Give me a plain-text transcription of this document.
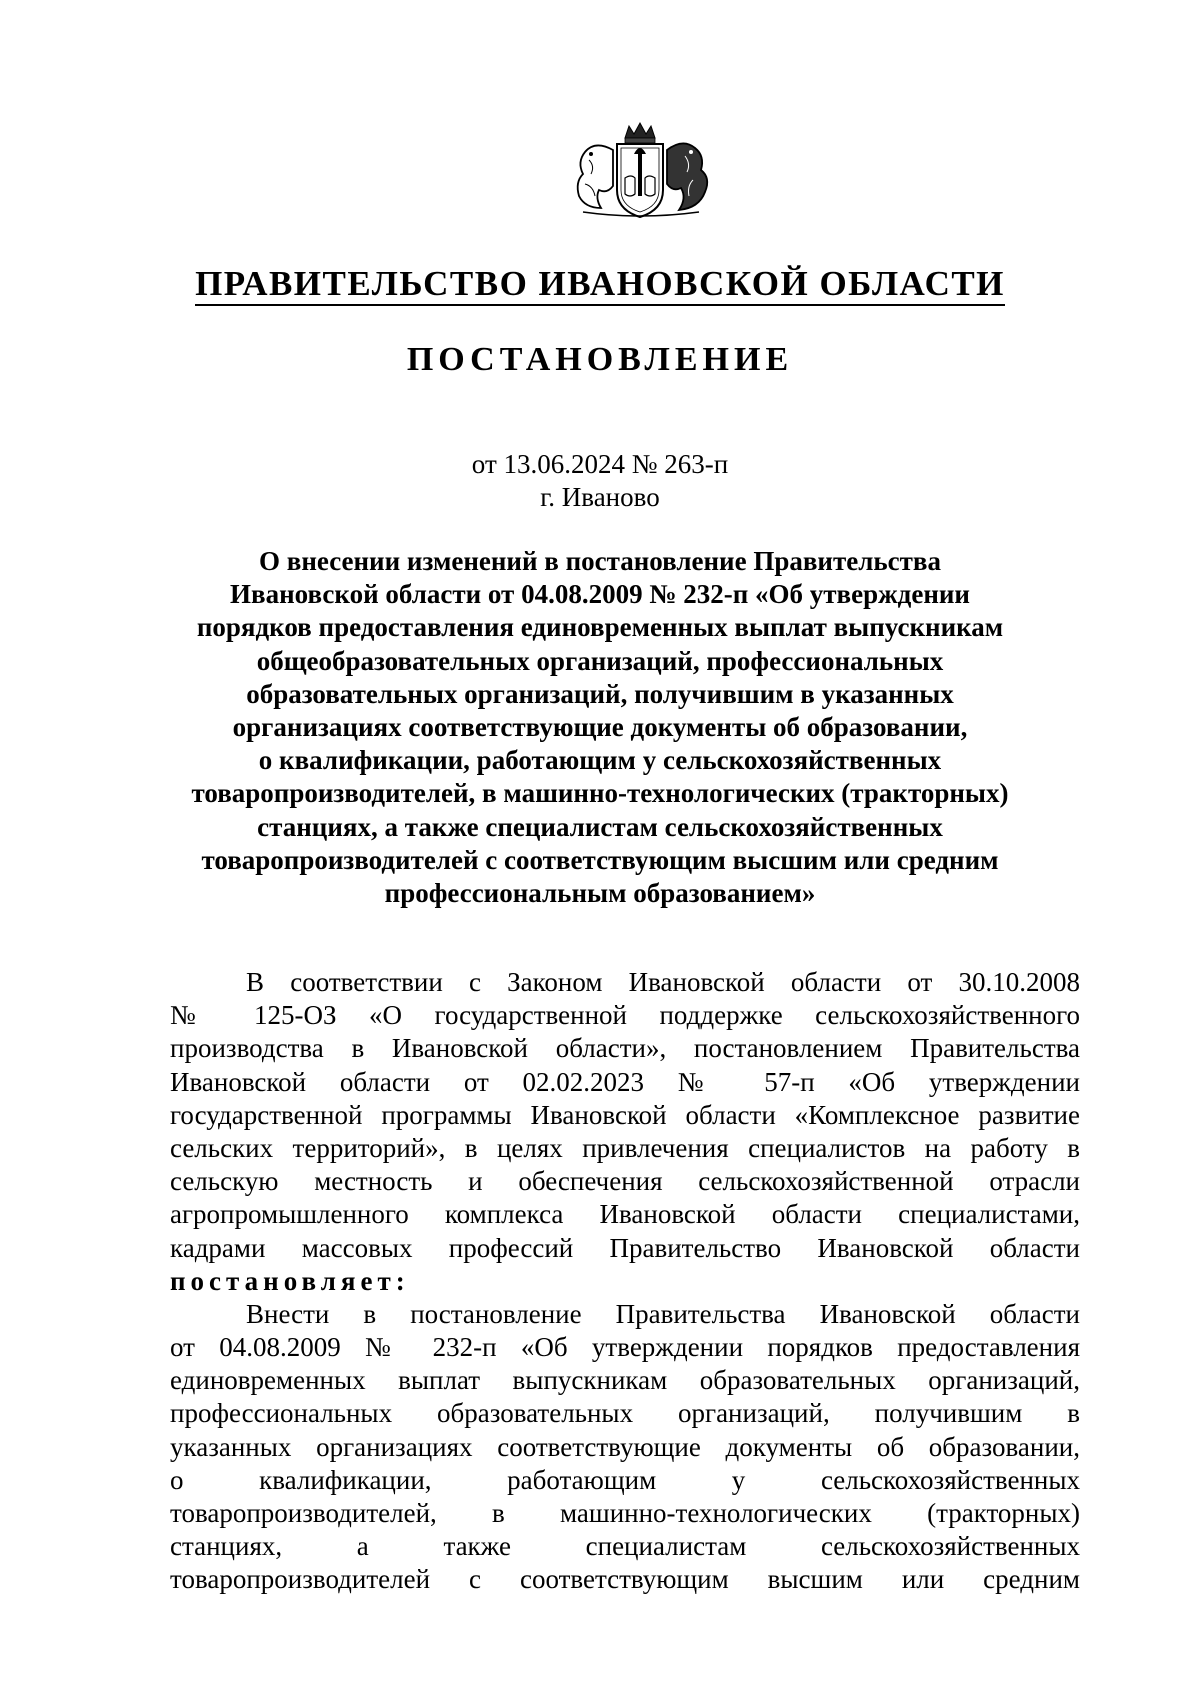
ПРАВИТЕЛЬСТВО ИВАНОВСКОЙ ОБЛАСТИ
ПОСТАНОВЛЕНИЕ
от 13.06.2024 № 263-п
г. Иваново
О внесении изменений в постановление Правительства
Ивановской области от 04.08.2009 № 232-п «Об утверждении
порядков предоставления единовременных выплат выпускникам
общеобразовательных организаций, профессиональных
образовательных организаций, получившим в указанных
организациях соответствующие документы об образовании,
о квалификации, работающим у сельскохозяйственных
товаропроизводителей, в машинно-технологических (тракторных)
станциях, а также специалистам сельскохозяйственных
товаропроизводителей с соответствующим высшим или средним
профессиональным образованием»
В соответствии с Законом Ивановской области от 30.10.2008
№ 125-ОЗ «О государственной поддержке сельскохозяйственного
производства в Ивановской области», постановлением Правительства
Ивановской области от 02.02.2023 № 57-п «Об утверждении
государственной программы Ивановской области «Комплексное развитие
сельских территорий», в целях привлечения специалистов на работу в
сельскую местность и обеспечения сельскохозяйственной отрасли
агропромышленного комплекса Ивановской области специалистами,
кадрами массовых профессий Правительство Ивановской области
постановляет:
Внести в постановление Правительства Ивановской области
от 04.08.2009 № 232-п «Об утверждении порядков предоставления
единовременных выплат выпускникам образовательных организаций,
профессиональных образовательных организаций, получившим в
указанных организациях соответствующие документы об образовании,
о квалификации, работающим у сельскохозяйственных
товаропроизводителей, в машинно-технологических (тракторных)
станциях, а также специалистам сельскохозяйственных
товаропроизводителей с соответствующим высшим или средним
